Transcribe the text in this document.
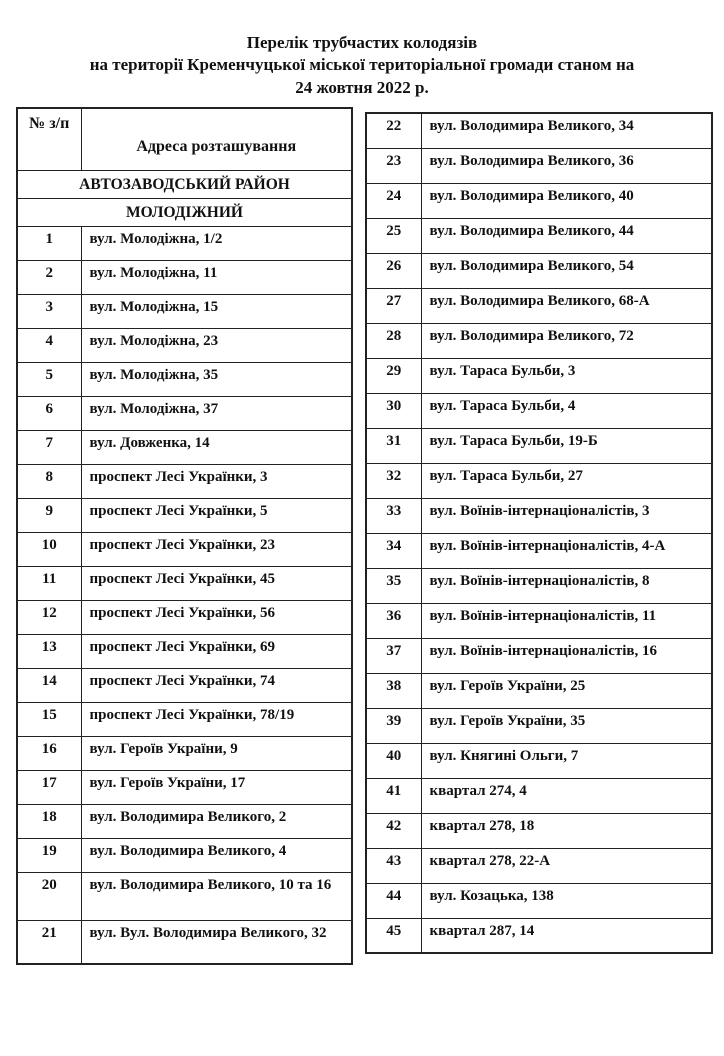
Перелік трубчастих колодязів
на території Кременчуцької міської територіальної громади станом на
24 жовтня 2022 р.
№ з/п	Адреса розташування
АВТОЗАВОДСЬКИЙ РАЙОН	
МОЛОДІЖНИЙ	
1	вул. Молодіжна, 1/2
2	вул. Молодіжна, 11
3	вул. Молодіжна, 15
4	вул. Молодіжна, 23
5	вул. Молодіжна, 35
6	вул. Молодіжна, 37
7	вул. Довженка, 14
8	проспект Лесі Українки, 3
9	проспект Лесі Українки, 5
10	проспект Лесі Українки, 23
11	проспект Лесі Українки, 45
12	проспект Лесі Українки, 56
13	проспект Лесі Українки, 69
14	проспект Лесі Українки, 74
15	проспект Лесі Українки, 78/19
16	вул. Героїв України, 9
17	вул. Героїв України, 17
18	вул. Володимира Великого, 2
19	вул. Володимира Великого, 4
20	вул. Володимира Великого, 10 та 16
21	вул. Вул. Володимира Великого, 32
22	вул. Володимира Великого, 34
23	вул. Володимира Великого, 36
24	вул. Володимира Великого, 40
25	вул. Володимира Великого, 44
26	вул. Володимира Великого, 54
27	вул. Володимира Великого, 68-А
28	вул. Володимира Великого, 72
29	вул. Тараса Бульби, 3
30	вул. Тараса Бульби, 4
31	вул. Тараса Бульби, 19-Б
32	вул. Тараса Бульби, 27
33	вул. Воїнів-інтернаціоналістів, 3
34	вул. Воїнів-інтернаціоналістів, 4-А
35	вул. Воїнів-інтернаціоналістів, 8
36	вул. Воїнів-інтернаціоналістів, 11
37	вул. Воїнів-інтернаціоналістів, 16
38	вул. Героїв України, 25
39	вул. Героїв України, 35
40	вул. Княгині Ольги, 7
41	квартал 274, 4
42	квартал 278, 18
43	квартал 278, 22-А
44	вул. Козацька, 138
45	квартал 287, 14
